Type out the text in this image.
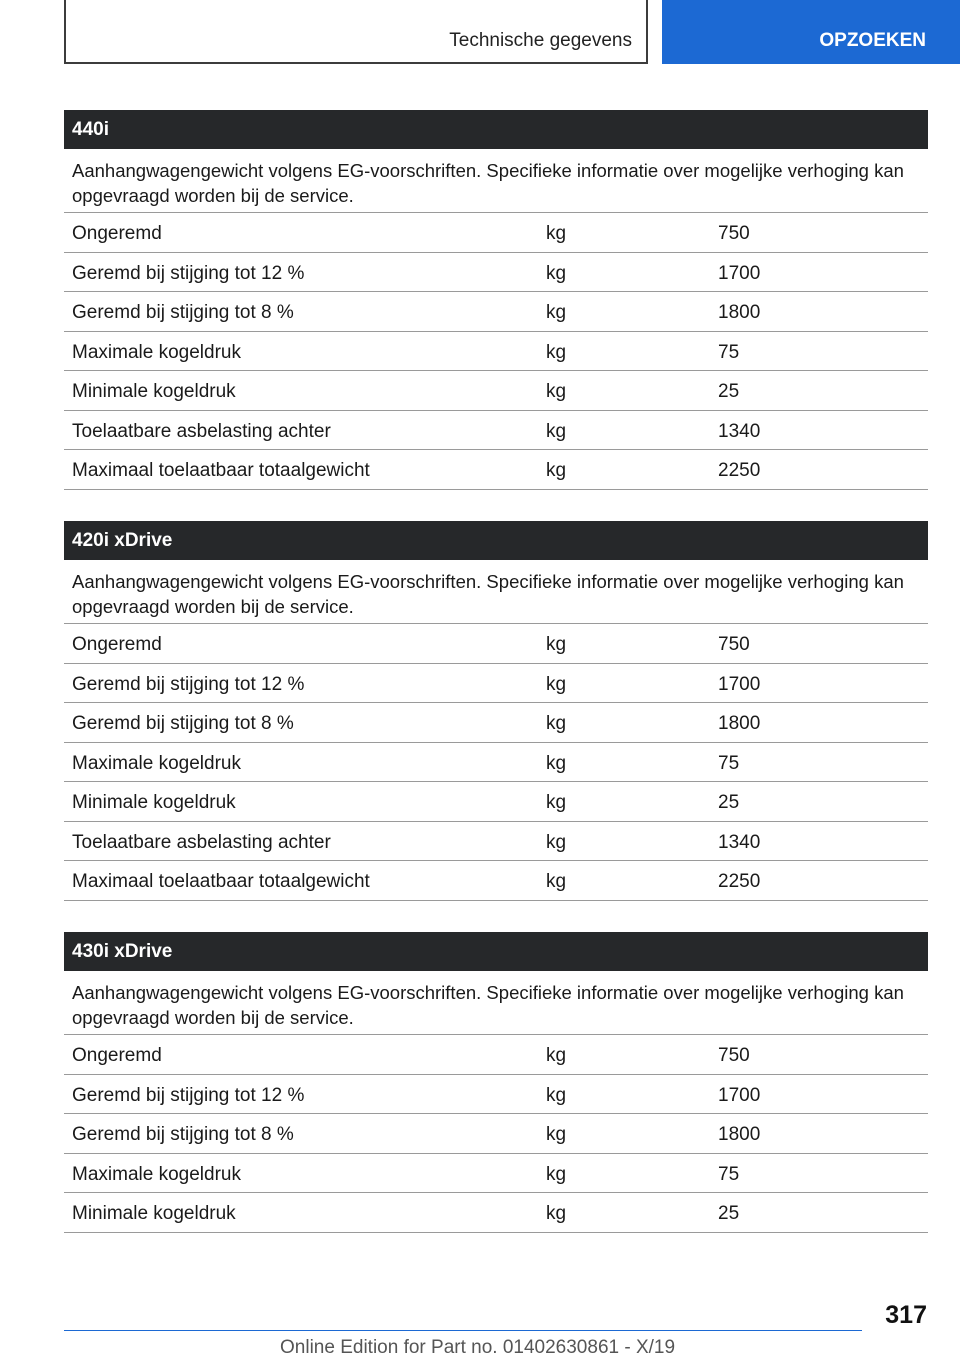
Technische gegevens	OPZOEKEN
440i
Aanhangwagengewicht volgens EG-voorschriften. Specifieke informatie over mogelijke verhoging kan opgevraagd worden bij de service.
Ongeremd	kg	750
Geremd bij stijging tot 12 %	kg	1700
Geremd bij stijging tot 8 %	kg	1800
Maximale kogeldruk	kg	75
Minimale kogeldruk	kg	25
Toelaatbare asbelasting achter	kg	1340
Maximaal toelaatbaar totaalgewicht	kg	2250
420i xDrive
Aanhangwagengewicht volgens EG-voorschriften. Specifieke informatie over mogelijke verhoging kan opgevraagd worden bij de service.
Ongeremd	kg	750
Geremd bij stijging tot 12 %	kg	1700
Geremd bij stijging tot 8 %	kg	1800
Maximale kogeldruk	kg	75
Minimale kogeldruk	kg	25
Toelaatbare asbelasting achter	kg	1340
Maximaal toelaatbaar totaalgewicht	kg	2250
430i xDrive
Aanhangwagengewicht volgens EG-voorschriften. Specifieke informatie over mogelijke verhoging kan opgevraagd worden bij de service.
Ongeremd	kg	750
Geremd bij stijging tot 12 %	kg	1700
Geremd bij stijging tot 8 %	kg	1800
Maximale kogeldruk	kg	75
Minimale kogeldruk	kg	25
317
Online Edition for Part no. 01402630861 - X/19
